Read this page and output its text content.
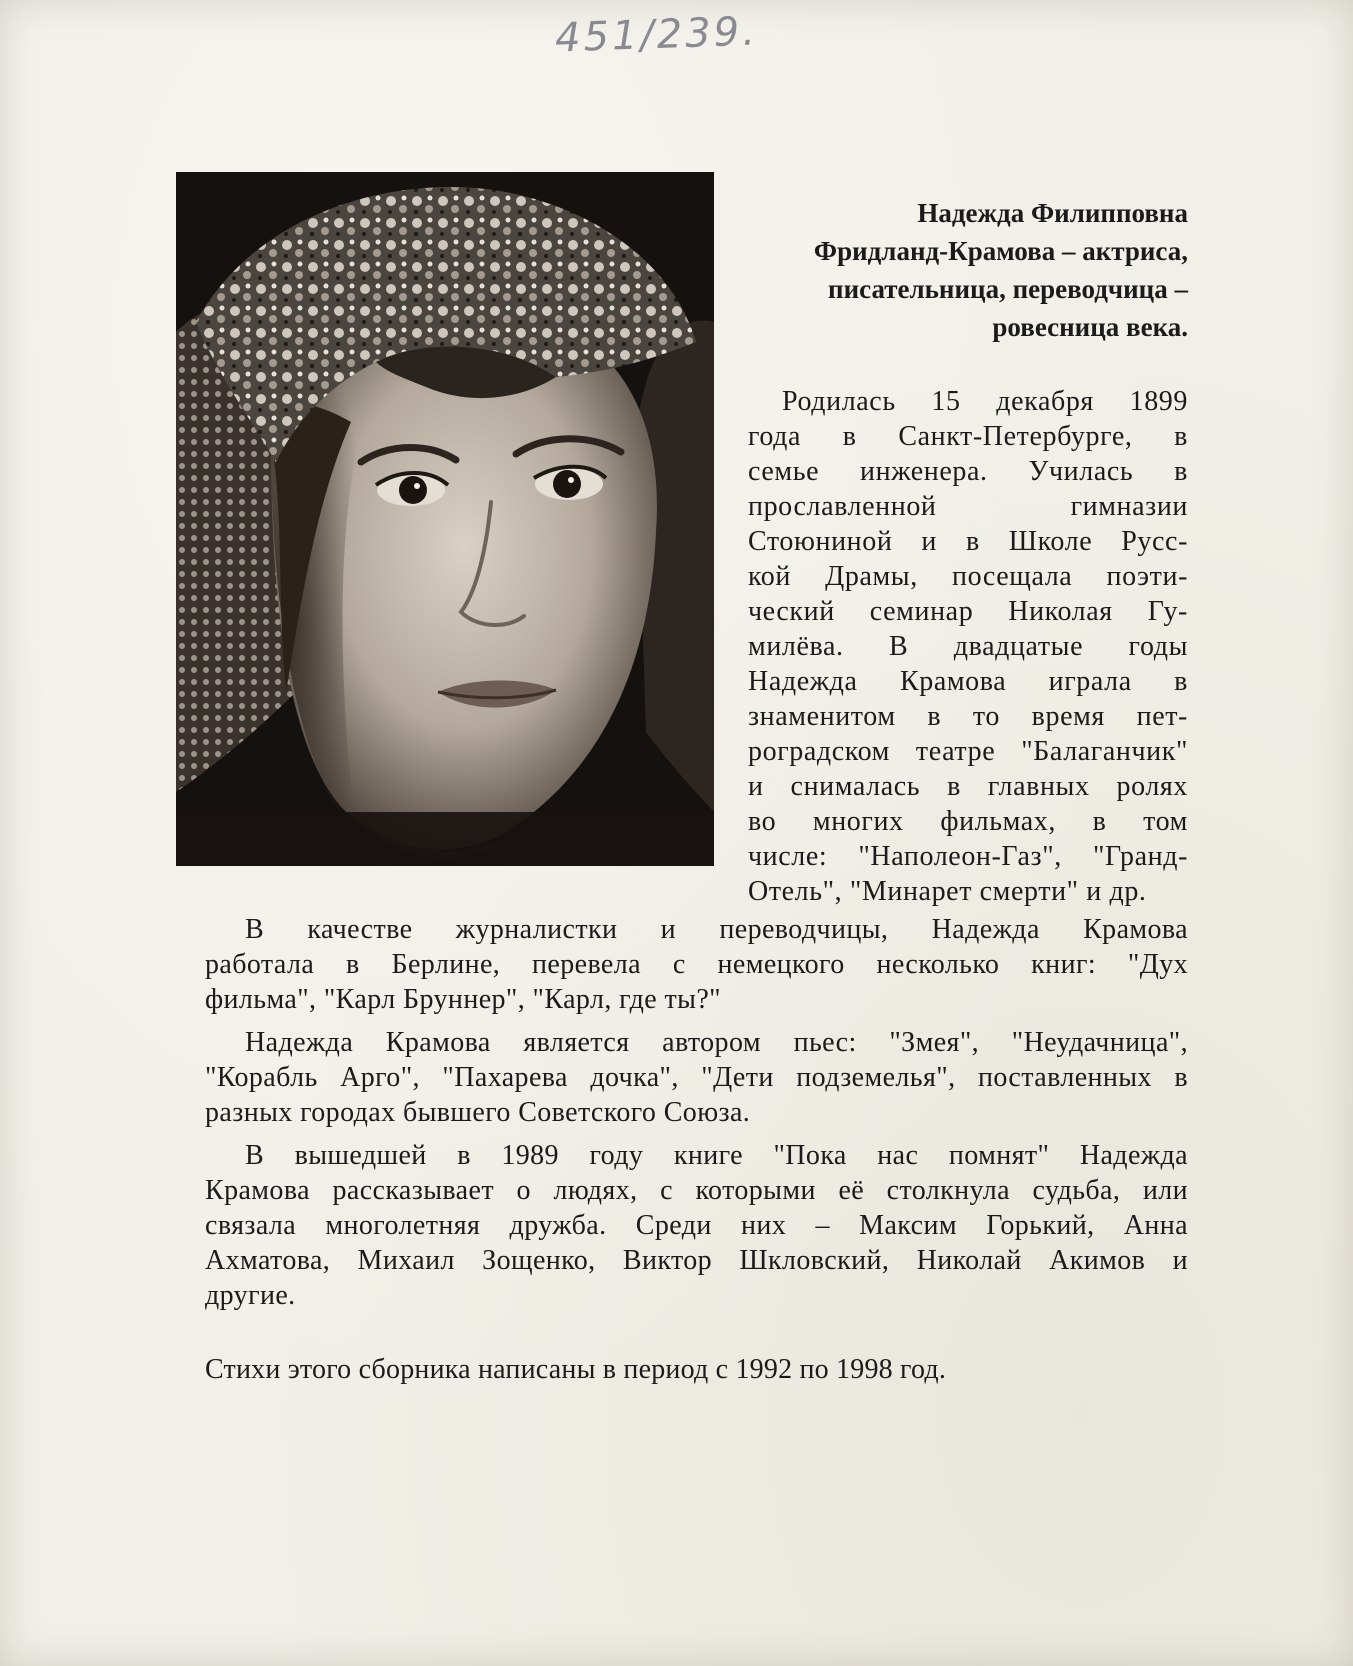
451/239.
Надежда Филипповна
Фридланд-Крамова – актриса,
писательница, переводчица –
ровесница века.
Родилась 15 декабря 1899
года в Санкт-Петербурге, в
семье инженера. Училась в
прославленной гимназии
Стоюниной и в Школе Русс-
кой Драмы, посещала поэти-
ческий семинар Николая Гу-
милёва. В двадцатые годы
Надежда Крамова играла в
знаменитом в то время пет-
роградском театре "Балаганчик"
и снималась в главных ролях
во многих фильмах, в том
числе: "Наполеон-Газ", "Гранд-
Отель", "Минарет смерти" и др.
В качестве журналистки и переводчицы, Надежда Крамова
работала в Берлине, перевела с немецкого несколько книг: "Дух
фильма", "Карл Бруннер", "Карл, где ты?"
Надежда Крамова является автором пьес: "Змея", "Неудачница",
"Корабль Арго", "Пахарева дочка", "Дети подземелья", поставленных в
разных городах бывшего Советского Союза.
В вышедшей в 1989 году книге "Пока нас помнят" Надежда
Крамова рассказывает о людях, с которыми её столкнула судьба, или
связала многолетняя дружба. Среди них – Максим Горький, Анна
Ахматова, Михаил Зощенко, Виктор Шкловский, Николай Акимов и
другие.
Стихи этого сборника написаны в период с 1992 по 1998 год.
